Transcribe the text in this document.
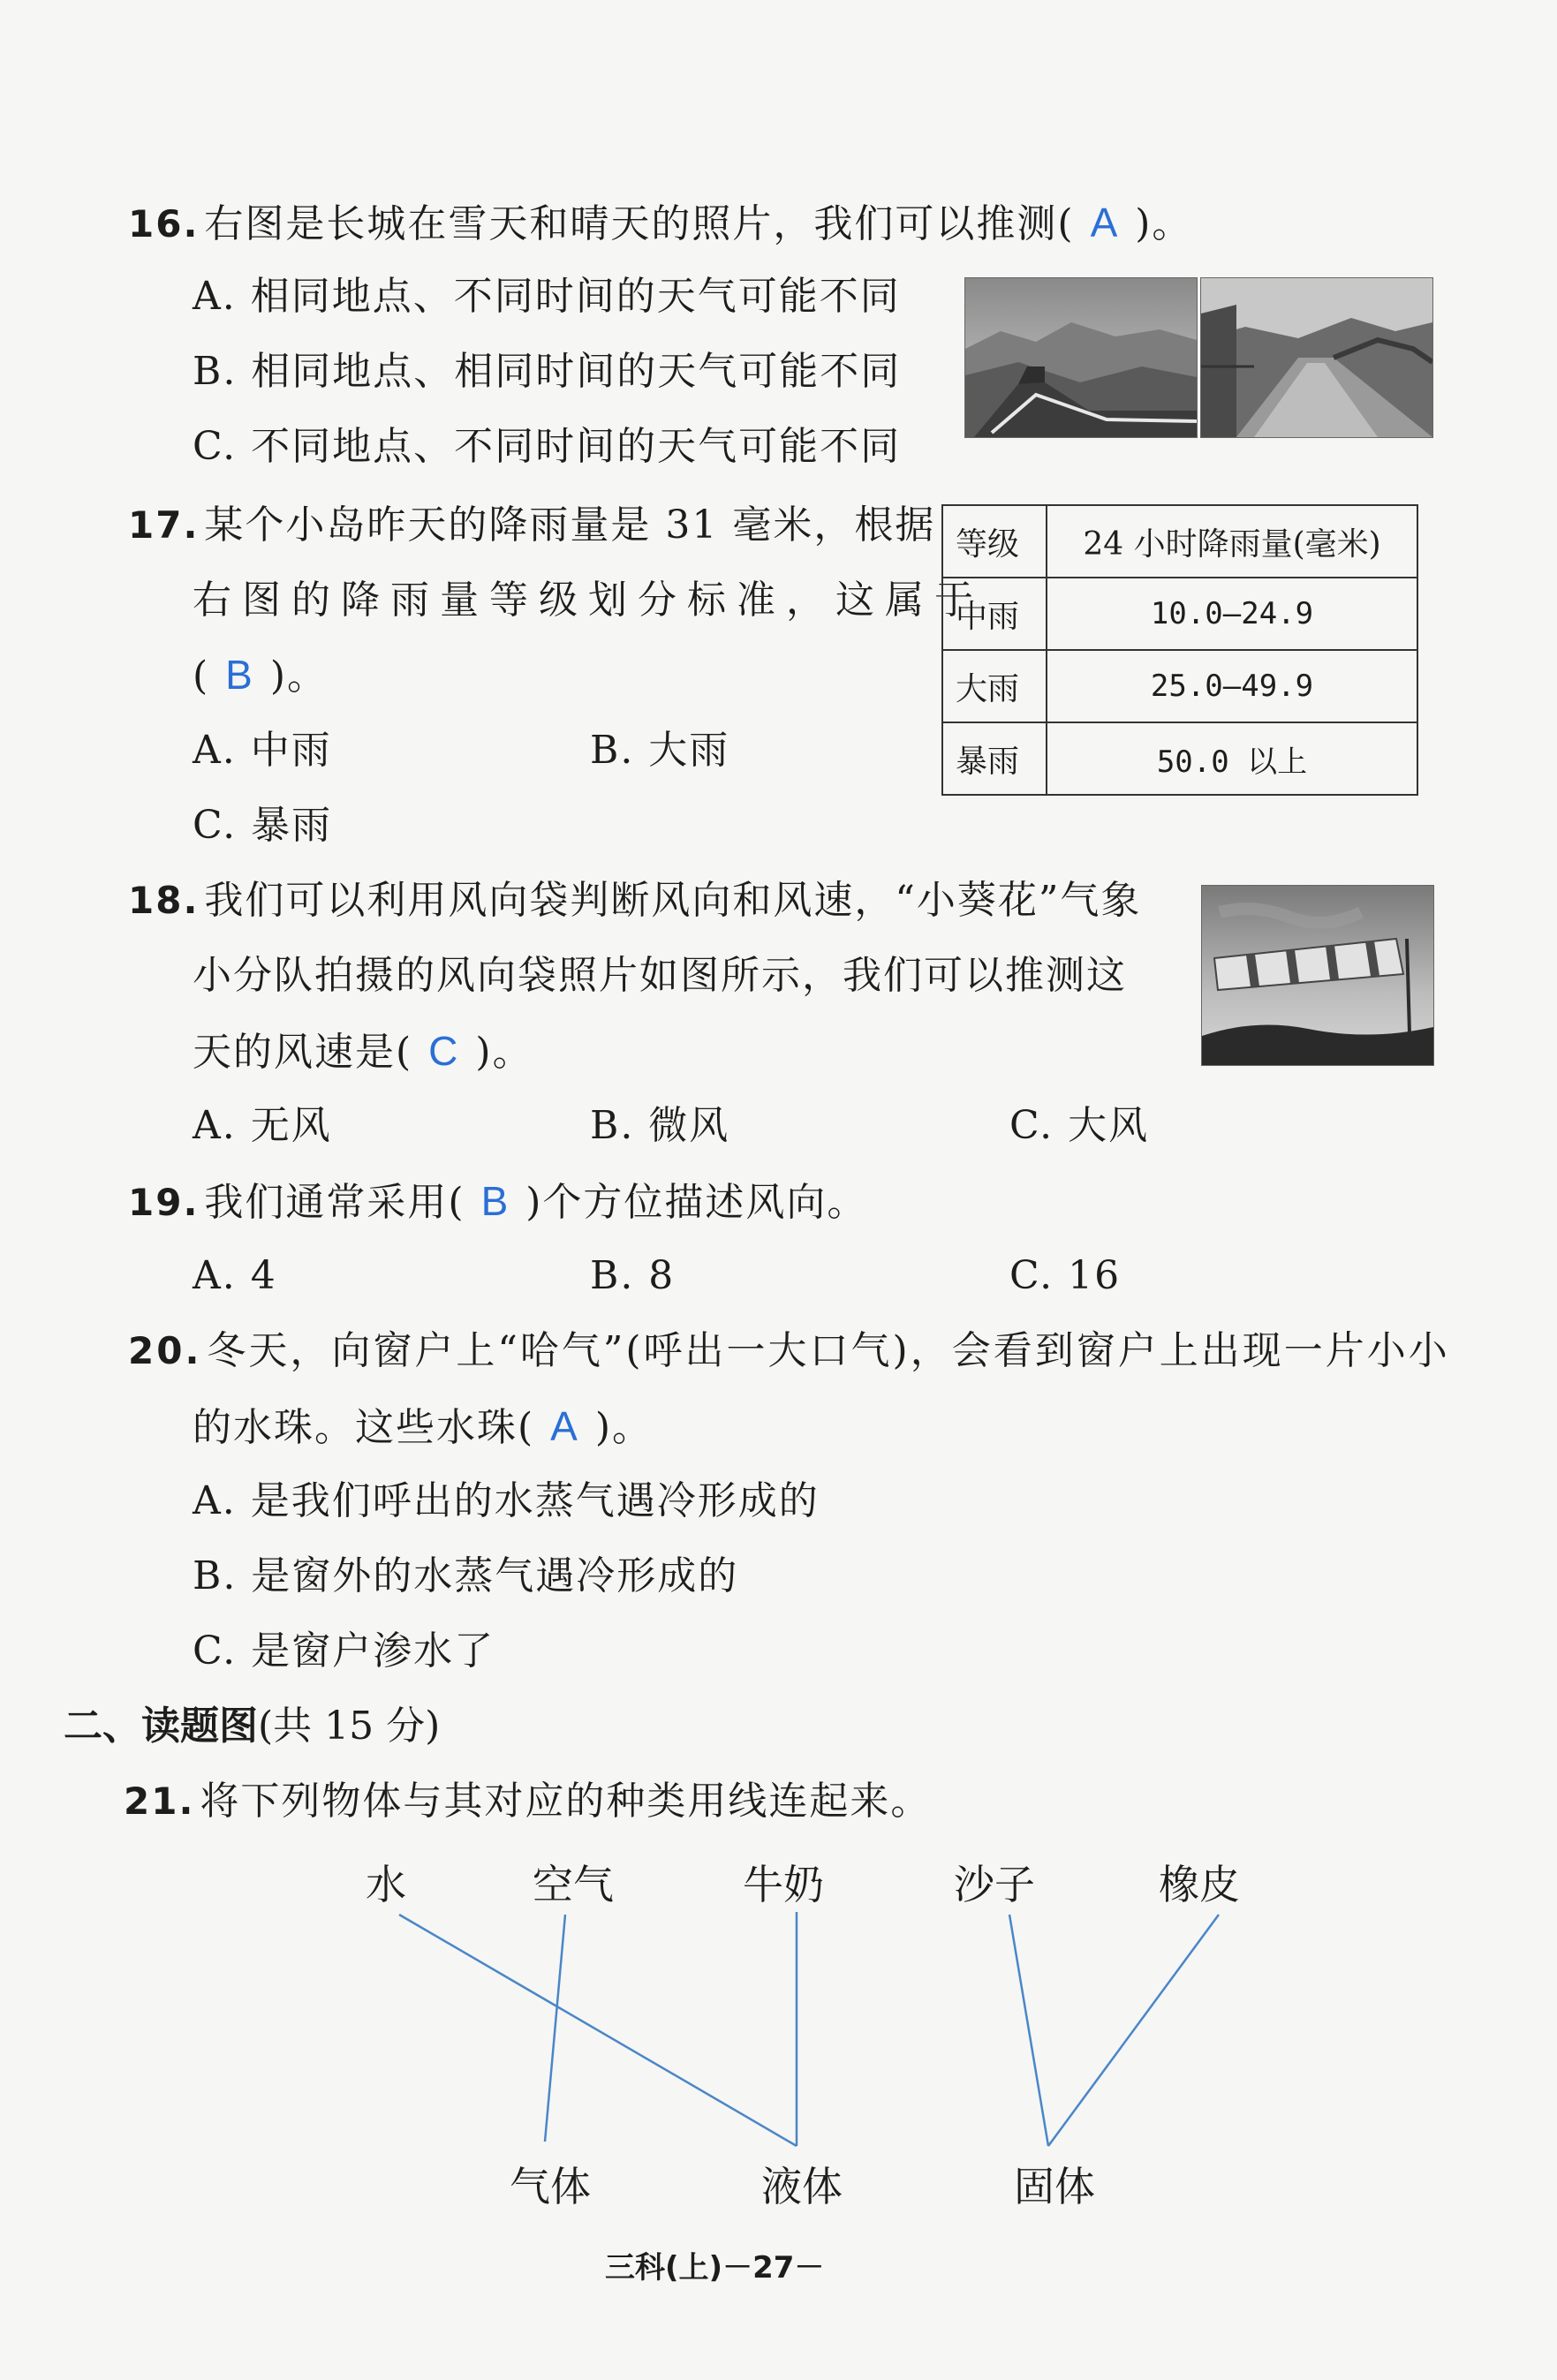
16. 右图是长城在雪天和晴天的照片，我们可以推测( A )。
A. 相同地点、不同时间的天气可能不同
B. 相同地点、相同时间的天气可能不同
C. 不同地点、不同时间的天气可能不同
17. 某个小岛昨天的降雨量是 31 毫米，根据
右图的降雨量等级划分标准，这属于
( B )。
A. 中雨	B. 大雨
C. 暴雨
等级	24 小时降雨量(毫米)
中雨	10.0—24.9
大雨	25.0—49.9
暴雨	50.0 以上
18. 我们可以利用风向袋判断风向和风速，“小葵花”气象
小分队拍摄的风向袋照片如图所示，我们可以推测这
天的风速是( C )。
A. 无风	B. 微风	C. 大风
19. 我们通常采用( B )个方位描述风向。
A. 4	B. 8	C. 16
20. 冬天，向窗户上“哈气”(呼出一大口气)，会看到窗户上出现一片小小
的水珠。这些水珠( A )。
A. 是我们呼出的水蒸气遇冷形成的
B. 是窗外的水蒸气遇冷形成的
C. 是窗户渗水了
二、读题图(共 15 分)
21. 将下列物体与其对应的种类用线连起来。
水	空气	牛奶	沙子	橡皮
气体	液体	固体
三科(上)－27－
